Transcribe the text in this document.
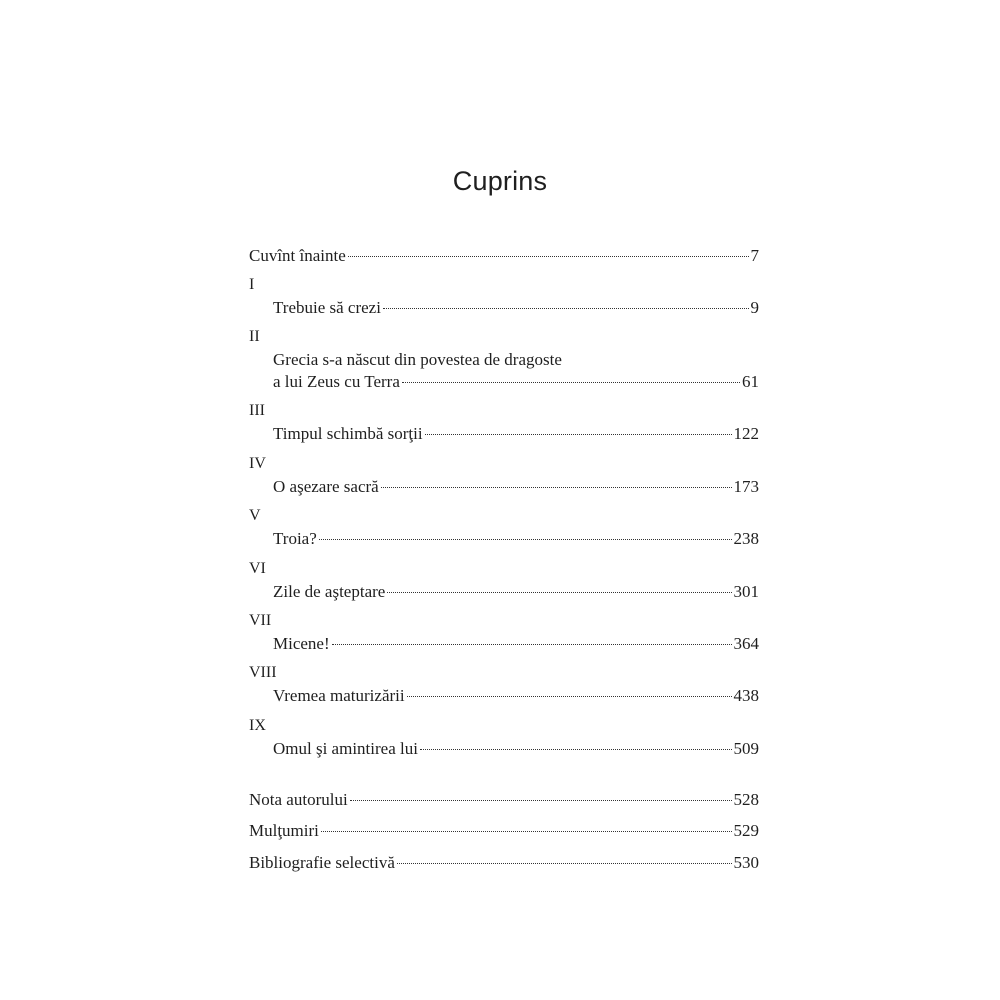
Cuprins
Cuvînt înainte	7
I
Trebuie să crezi	9
II
Grecia s-a născut din povestea de dragoste
a lui Zeus cu Terra	61
III
Timpul schimbă sorţii	122
IV
O aşezare sacră	173
V
Troia?	238
VI
Zile de aşteptare	301
VII
Micene!	364
VIII
Vremea maturizării	438
IX
Omul şi amintirea lui	509
Nota autorului	528
Mulţumiri	529
Bibliografie selectivă	530
